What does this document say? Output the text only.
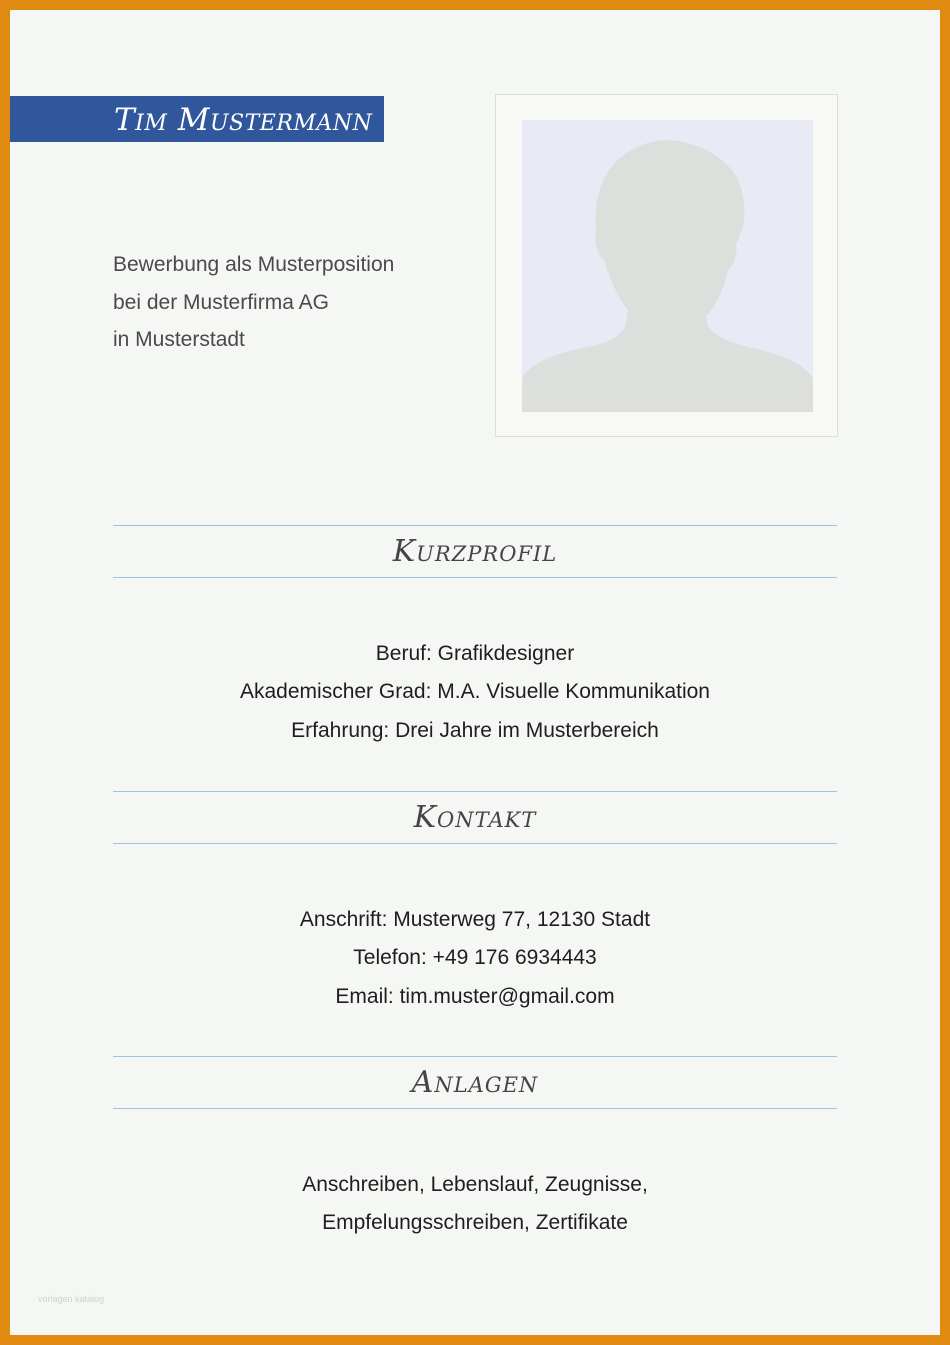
Tim Mustermann
Bewerbung als Musterposition
bei der Musterfirma AG
in Musterstadt
Kurzprofil
Beruf: Grafikdesigner
Akademischer Grad: M.A. Visuelle Kommunikation
Erfahrung: Drei Jahre im Musterbereich
Kontakt
Anschrift: Musterweg 77, 12130 Stadt
Telefon: +49 176 6934443
Email: tim.muster@gmail.com
Anlagen
Anschreiben, Lebenslauf, Zeugnisse,
Empfelungsschreiben, Zertifikate
vorlagen katalog
